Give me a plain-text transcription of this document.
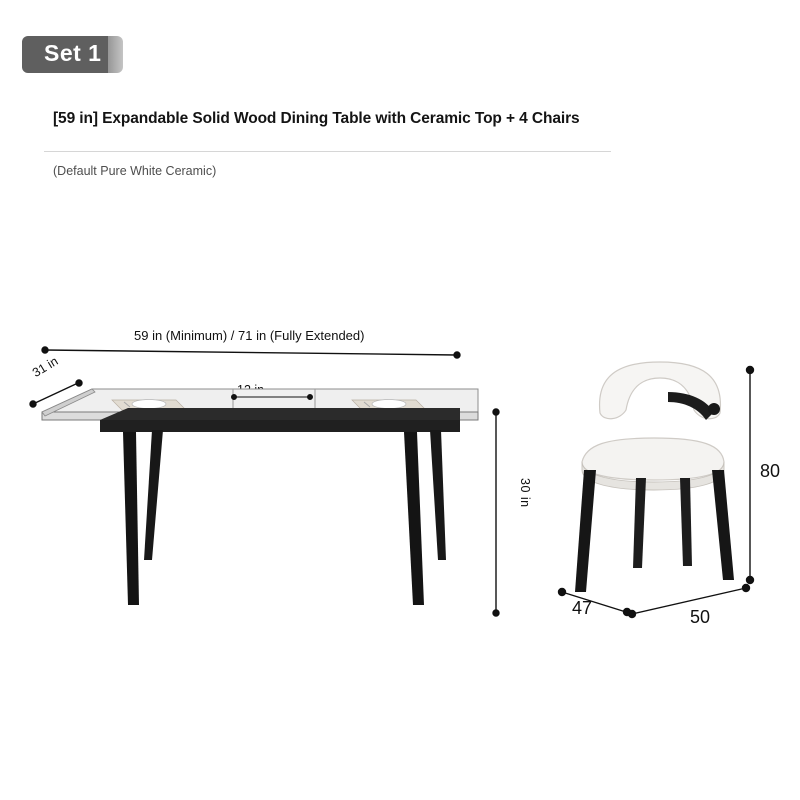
Set 1
[59 in] Expandable Solid Wood Dining Table with Ceramic Top + 4 Chairs
(Default Pure White Ceramic)
59 in (Minimum) / 71 in (Fully Extended)
31 in
30 in
80
47	50
